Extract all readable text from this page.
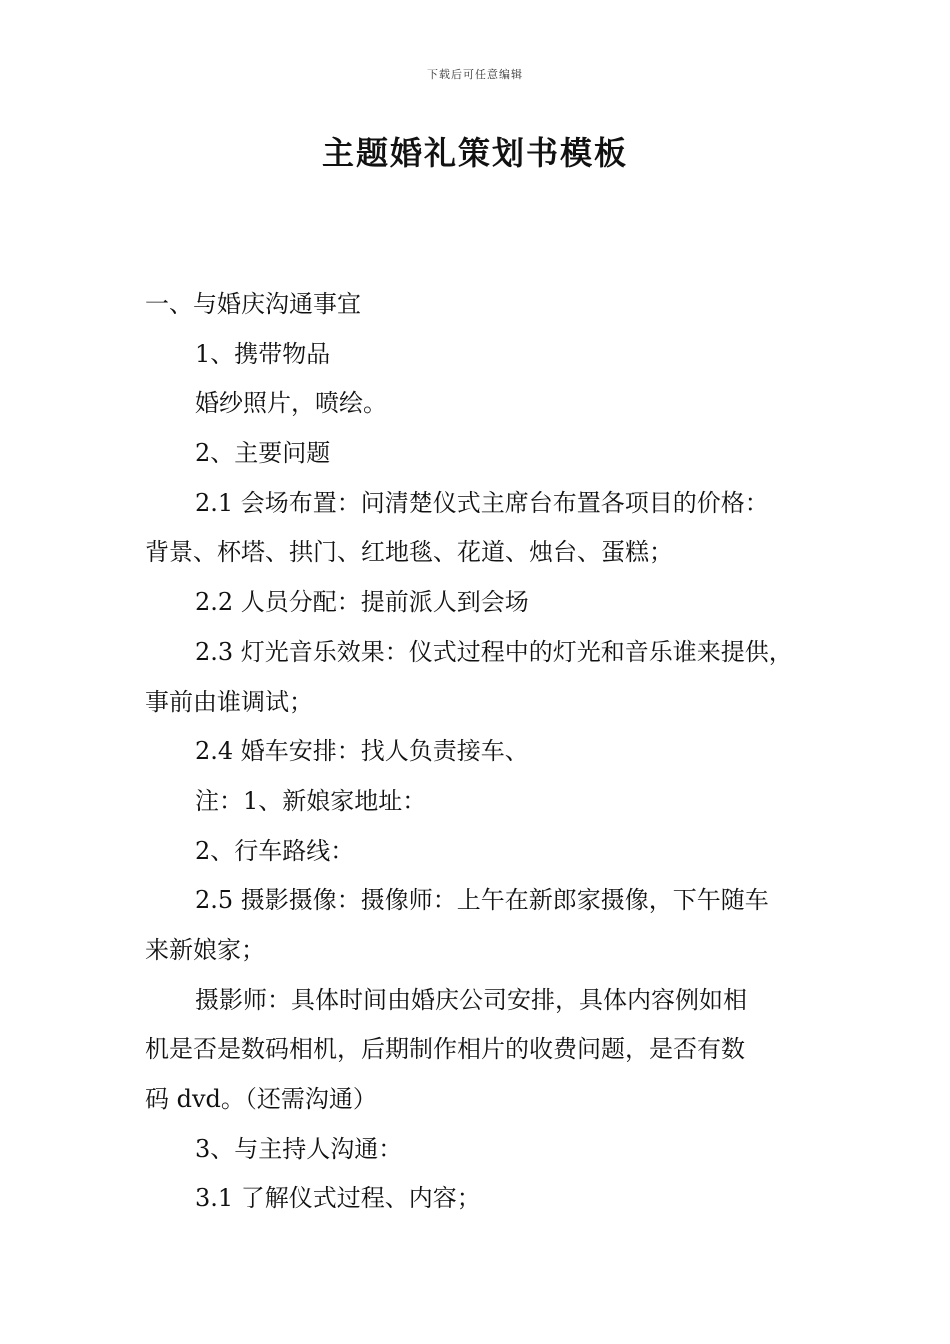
下载后可任意编辑
主题婚礼策划书模板
一、与婚庆沟通事宜
1、携带物品
婚纱照片，喷绘。
2、主要问题
2.1 会场布置：问清楚仪式主席台布置各项目的价格：
背景、杯塔、拱门、红地毯、花道、烛台、蛋糕；
2.2 人员分配：提前派人到会场
2.3 灯光音乐效果：仪式过程中的灯光和音乐谁来提供，
事前由谁调试；
2.4 婚车安排：找人负责接车、
注：1、新娘家地址：
2、行车路线：
2.5 摄影摄像：摄像师：上午在新郎家摄像，下午随车
来新娘家；
摄影师：具体时间由婚庆公司安排，具体内容例如相
机是否是数码相机，后期制作相片的收费问题，是否有数
码 dvd。（还需沟通）
3、与主持人沟通：
3.1 了解仪式过程、内容；
